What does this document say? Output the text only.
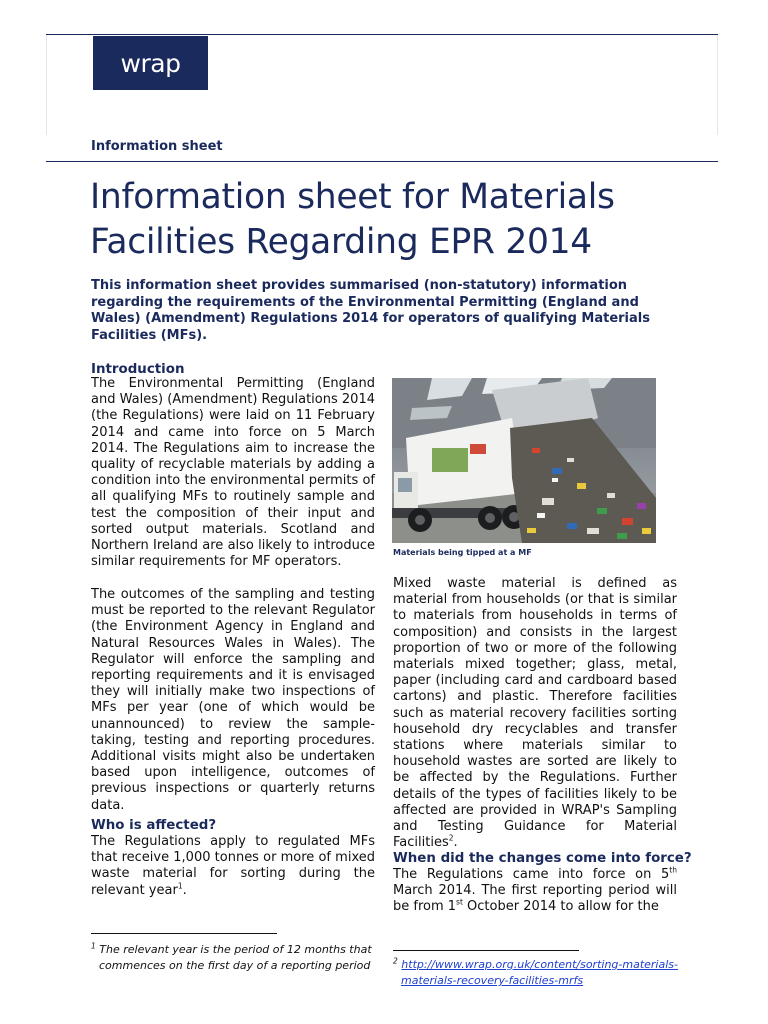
wrap
Information sheet
Information sheet for Materials Facilities Regarding EPR 2014

This information sheet provides summarised (non-statutory) information regarding the requirements of the Environmental Permitting (England and Wales) (Amendment) Regulations 2014 for operators of qualifying Materials Facilities (MFs).

Introduction

The Environmental Permitting (England and Wales) (Amendment) Regulations 2014 (the Regulations) were laid on 11 February 2014 and came into force on 5 March 2014. The Regulations aim to increase the quality of recyclable materials by adding a condition into the environmental permits of all qualifying MFs to routinely sample and test the composition of their input and sorted output materials. Scotland and Northern Ireland are also likely to introduce similar requirements for MF operators.

The outcomes of the sampling and testing must be reported to the relevant Regulator (the Environment Agency in England and Natural Resources Wales in Wales). The Regulator will enforce the sampling and reporting requirements and it is envisaged they will initially make two inspections of MFs per year (one of which would be unannounced) to review the sample-taking, testing and reporting procedures. Additional visits might also be undertaken based upon intelligence, outcomes of previous inspections or quarterly returns data.

Who is affected?

The Regulations apply to regulated MFs that receive 1,000 tonnes or more of mixed waste material for sorting during the relevant year$^1$.

$^1$ The relevant year is the period of 12 months that commences on the first day of a reporting period

Materials being tipped at a MF

Mixed waste material is defined as material from households (or that is similar to materials from households in terms of composition) and consists in the largest proportion of two or more of the following materials mixed together; glass, metal, paper (including card and cardboard based cartons) and plastic. Therefore facilities such as material recovery facilities sorting household dry recyclables and transfer stations where materials similar to household wastes are sorted are likely to be affected by the Regulations. Further details of the types of facilities likely to be affected are provided in WRAP's Sampling and Testing Guidance for Material Facilities$^2$.

When did the changes come into force?

The Regulations came into force on 5th March 2014. The first reporting period will be from 1st October 2014 to allow for the

$^2$ http://www.wrap.org.uk/content/sorting-materials-materials-recovery-facilities-mrfs
